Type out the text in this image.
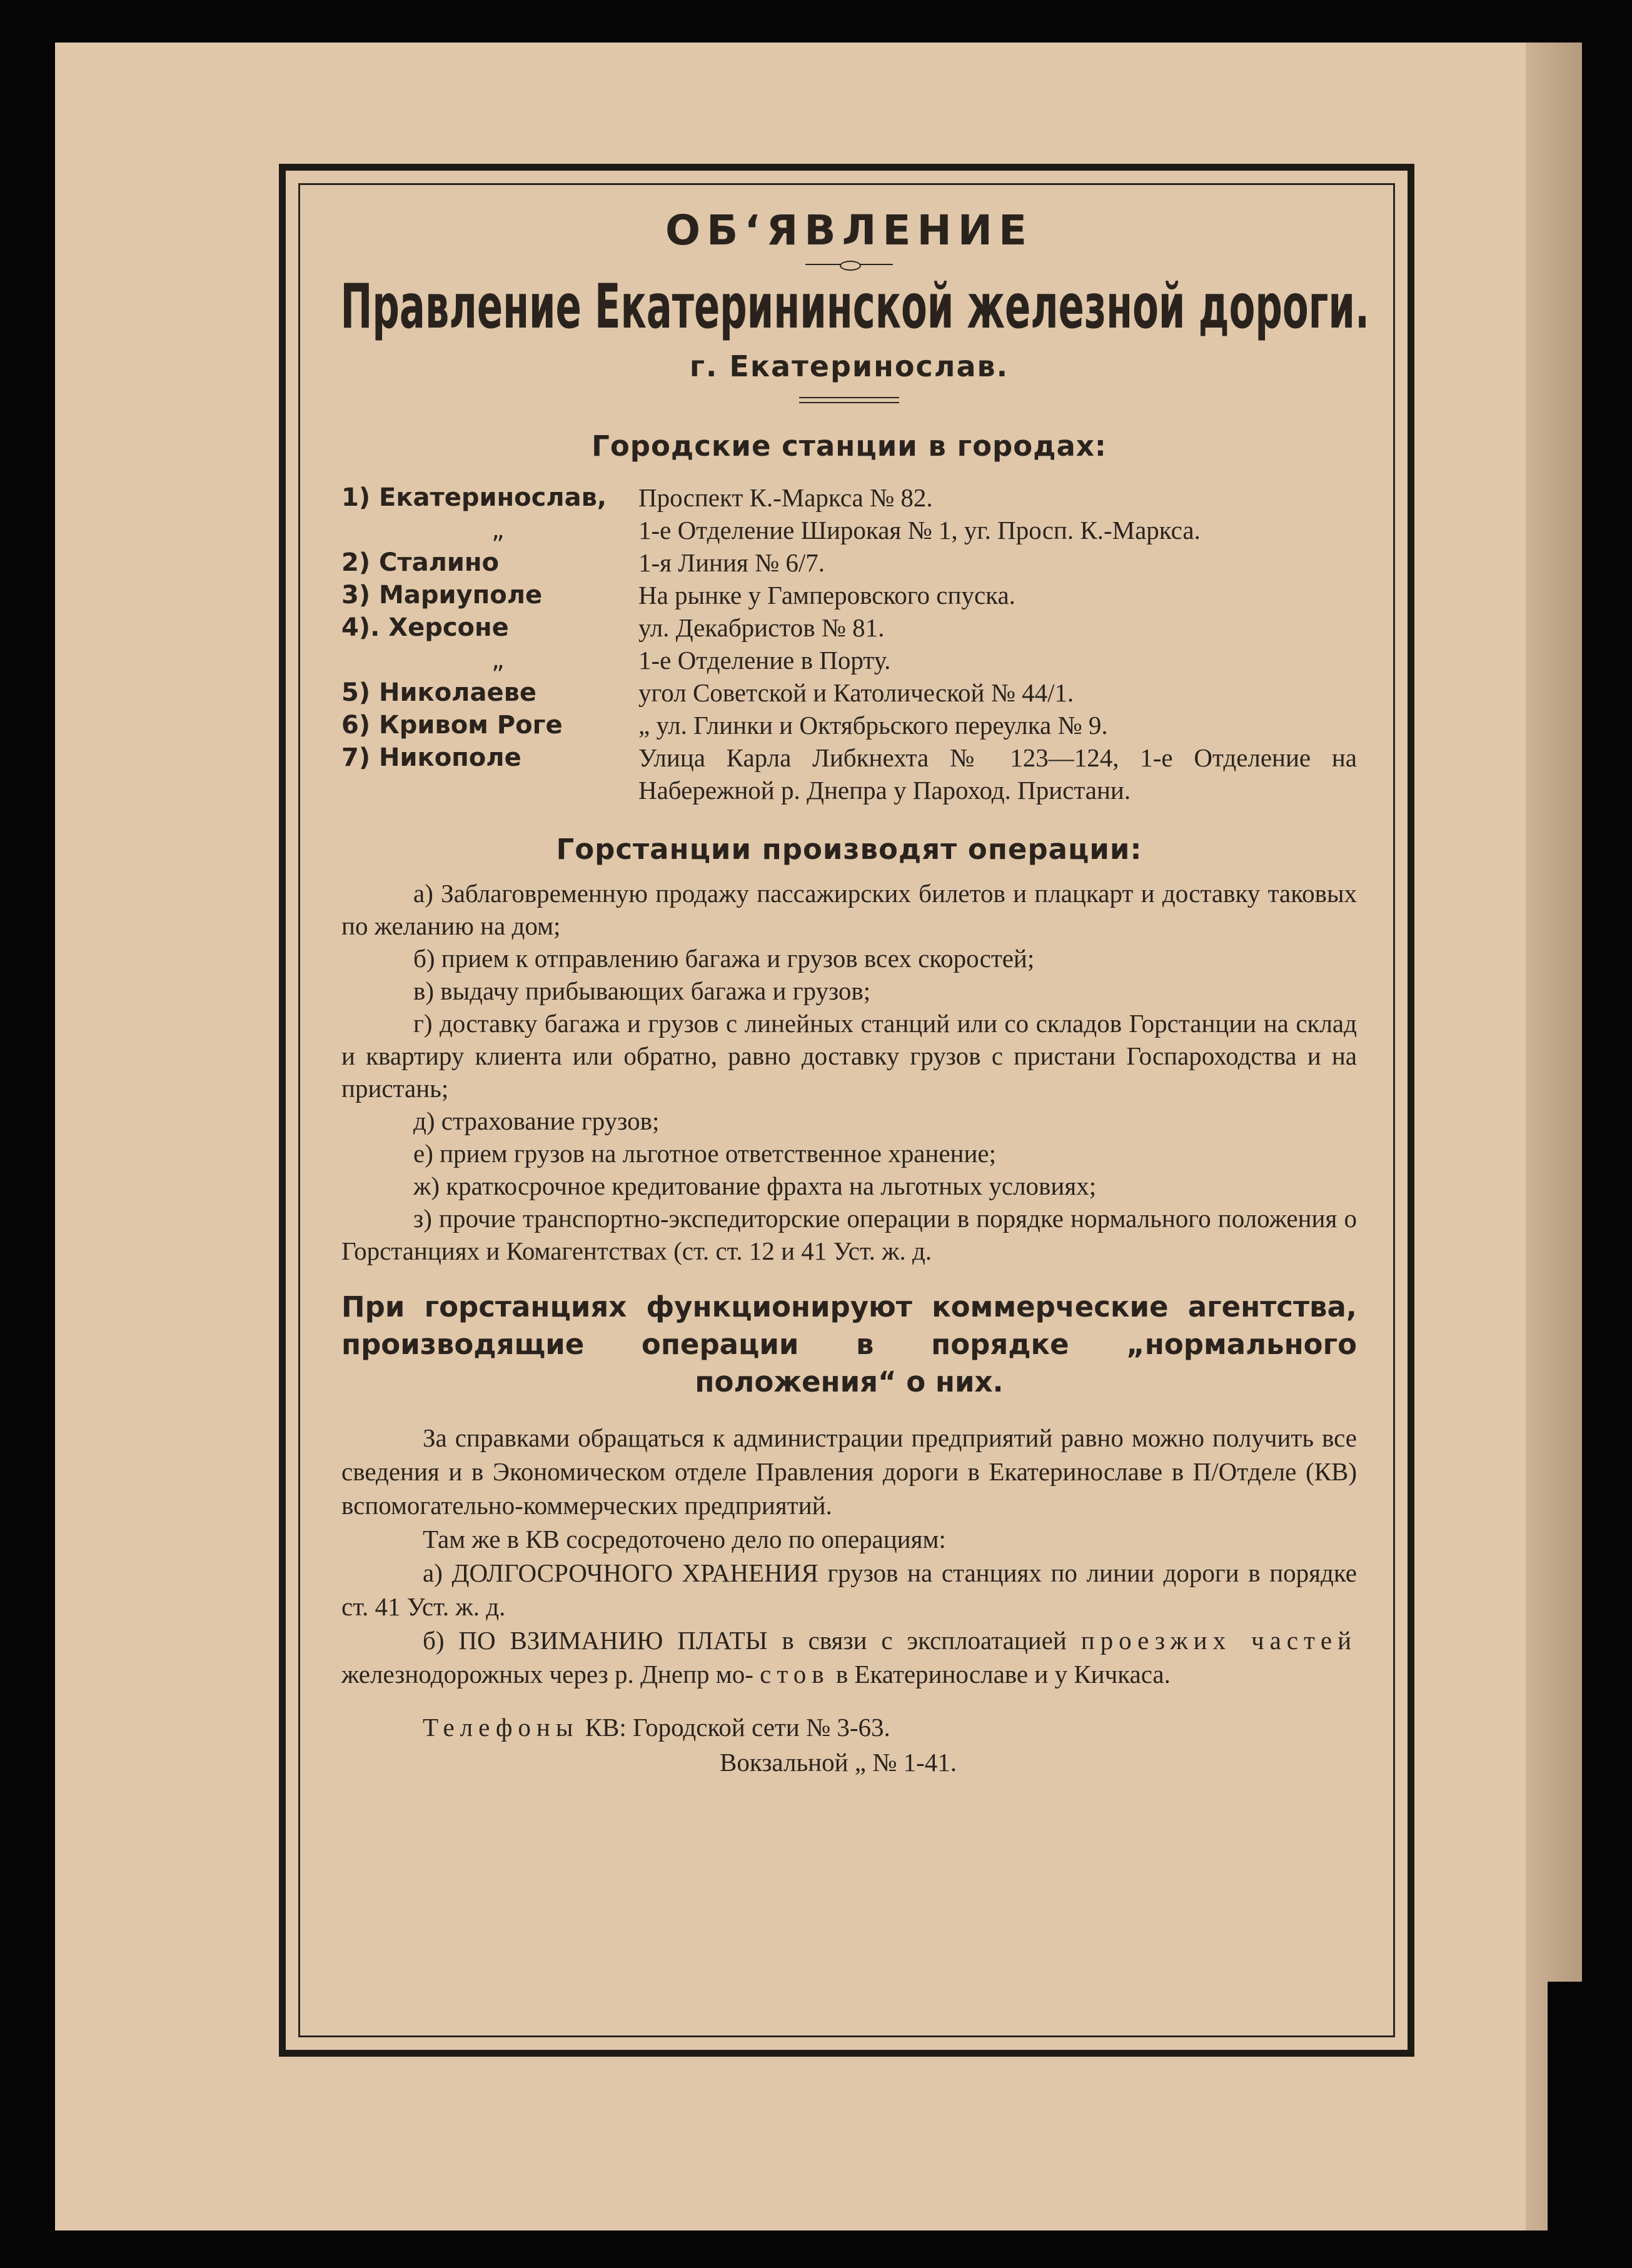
ОБ‘ЯВЛЕНИЕ
Правление Екатерининской железной дороги.
г. Екатеринослав.
Городские станции в городах:
1) Екатеринослав,	Проспект К.-Маркса № 82.
„	1-е Отделение Широкая № 1, уг. Просп. К.-Маркса.
2) Сталино	1-я Линия № 6/7.
3) Мариуполе	На рынке у Гамперовского спуска.
4). Херсоне	ул. Декабристов № 81.
„	1-е Отделение в Порту.
5) Николаеве	угол Советской и Католической № 44/1.
6) Кривом Роге	„ ул. Глинки и Октябрьского переулка № 9.
7) Никополе	Улица Карла Либкнехта № 123—124, 1-е Отделение на Набережной р. Днепра у Пароход. Пристани.
Горстанции производят операции:

а) Заблаговременную продажу пассажирских билетов и плацкарт и доставку таковых по желанию на дом;

б) прием к отправлению багажа и грузов всех скоростей;

в) выдачу прибывающих багажа и грузов;

г) доставку багажа и грузов с линейных станций или со складов Горстанции на склад и квартиру клиента или обратно, равно доставку грузов с пристани Госпароходства и на пристань;

д) страхование грузов;

е) прием грузов на льготное ответственное хранение;

ж) краткосрочное кредитование фрахта на льготных условиях;

з) прочие транспортно-экспедиторские операции в порядке нормального положения о Горстанциях и Комагентствах (ст. ст. 12 и 41 Уст. ж. д.

При горстанциях функционируют коммерческие агентства, производящие операции в порядке „нормального положения“ о них.

За справками обращаться к администрации предприятий равно можно получить все сведения и в Экономическом отделе Правления дороги в Екатеринославе в П/Отделе (КВ) вспомогательно-коммерческих предприятий.

Там же в КВ сосредоточено дело по операциям:

а) ДОЛГОСРОЧНОГО ХРАНЕНИЯ грузов на станциях по линии дороги в порядке ст. 41 Уст. ж. д.

б) ПО ВЗИМАНИЮ ПЛАТЫ в связи с эксплоатацией проезжих частей железнодорожных через р. Днепр мо- стов в Екатеринославе и у Кичкаса.

Телефоны КВ: Городской сети № 3-63.
Вокзальной „ № 1-41.
